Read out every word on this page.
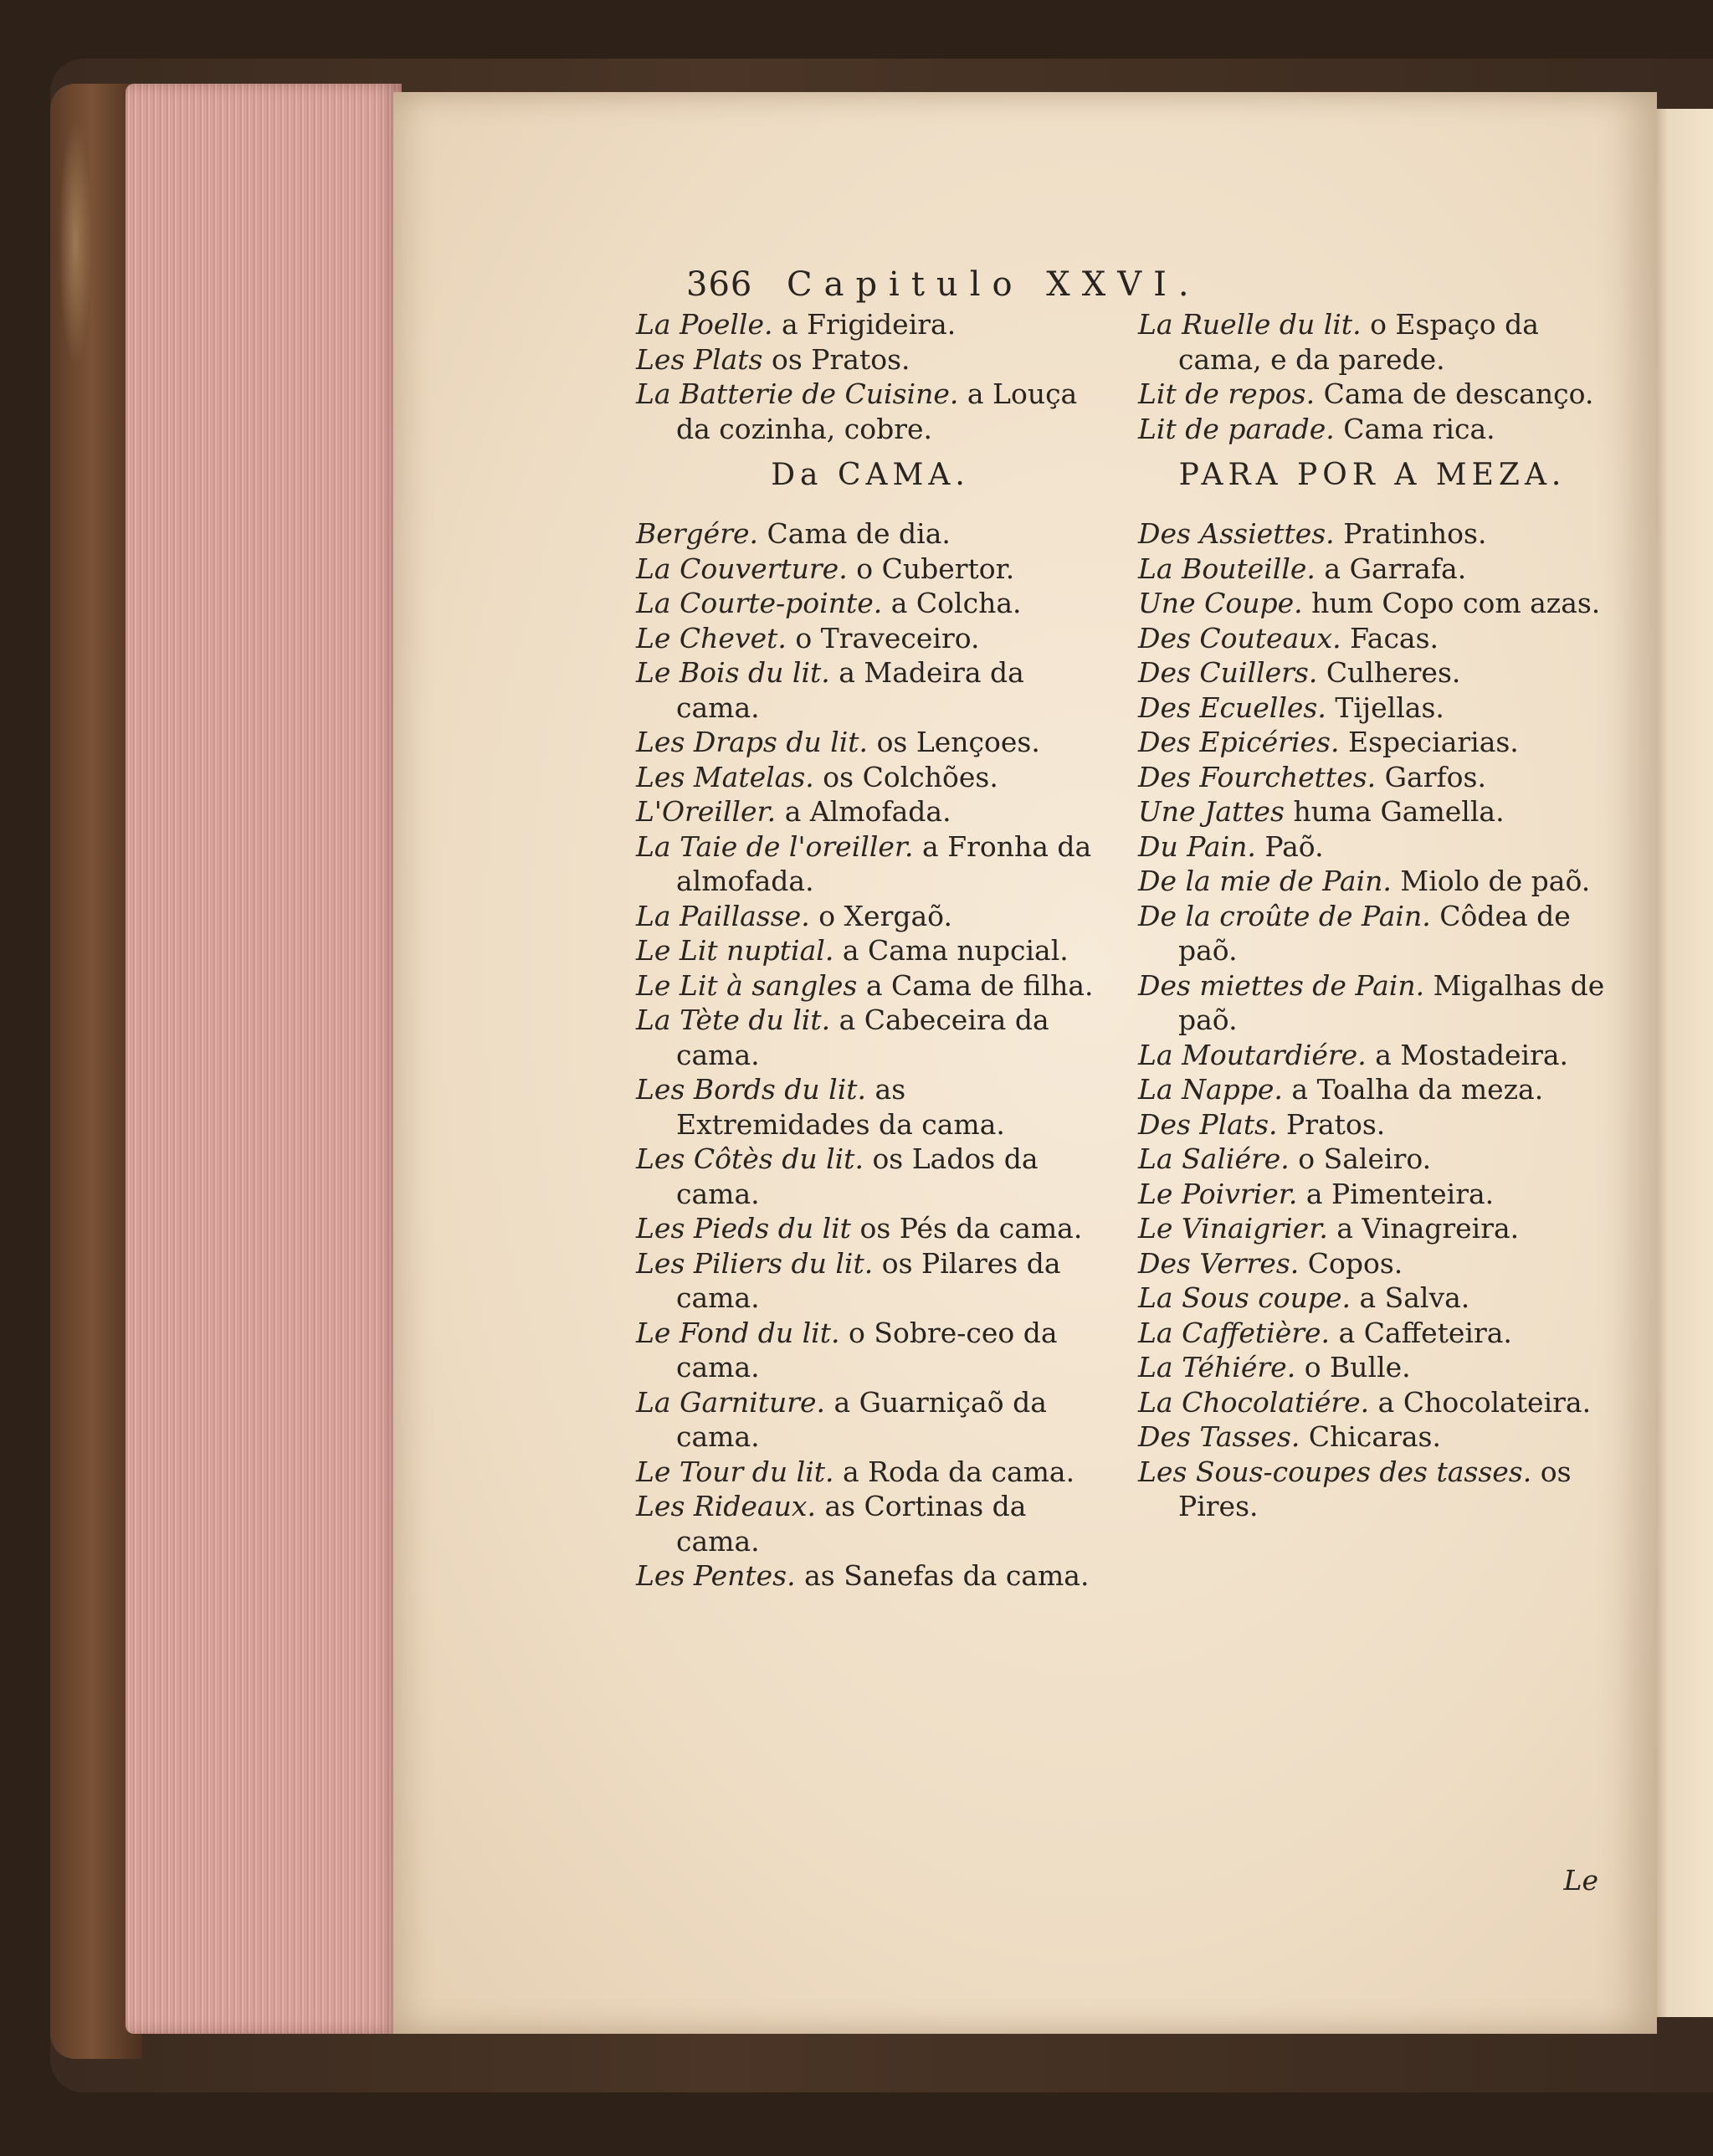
366 Capitulo XXVI.
La Poelle. a Frigideira.
Les Plats os Pratos.
La Batterie de Cuisine. a Louça da cozinha, cobre.
Da CAMA.
Bergére. Cama de dia.
La Couverture. o Cubertor.
La Courte-pointe. a Colcha.
Le Chevet. o Traveceiro.
Le Bois du lit. a Madeira da cama.
Les Draps du lit. os Lençoes.
Les Matelas. os Colchões.
L'Oreiller. a Almofada.
La Taie de l'oreiller. a Fronha da almofada.
La Paillasse. o Xergaõ.
Le Lit nuptial. a Cama nupcial.
Le Lit à sangles a Cama de filha.
La Tète du lit. a Cabeceira da cama.
Les Bords du lit. as Extremidades da cama.
Les Côtès du lit. os Lados da cama.
Les Pieds du lit os Pés da cama.
Les Piliers du lit. os Pilares da cama.
Le Fond du lit. o Sobre-ceo da cama.
La Garniture. a Guarniçaõ da cama.
Le Tour du lit. a Roda da cama.
Les Rideaux. as Cortinas da cama.
Les Pentes. as Sanefas da cama.
La Ruelle du lit. o Espaço da cama, e da parede.
Lit de repos. Cama de descanço.
Lit de parade. Cama rica.
PARA POR A MEZA.
Des Assiettes. Pratinhos.
La Bouteille. a Garrafa.
Une Coupe. hum Copo com azas.
Des Couteaux. Facas.
Des Cuillers. Culheres.
Des Ecuelles. Tijellas.
Des Epicéries. Especiarias.
Des Fourchettes. Garfos.
Une Jattes huma Gamella.
Du Pain. Paõ.
De la mie de Pain. Miolo de paõ.
De la croûte de Pain. Côdea de paõ.
Des miettes de Pain. Migalhas de paõ.
La Moutardiére. a Mostadeira.
La Nappe. a Toalha da meza.
Des Plats. Pratos.
La Saliére. o Saleiro.
Le Poivrier. a Pimenteira.
Le Vinaigrier. a Vinagreira.
Des Verres. Copos.
La Sous coupe. a Salva.
La Caffetière. a Caffeteira.
La Téhiére. o Bulle.
La Chocolatiére. a Chocolateira.
Des Tasses. Chicaras.
Les Sous-coupes des tasses. os Pires.
Le
